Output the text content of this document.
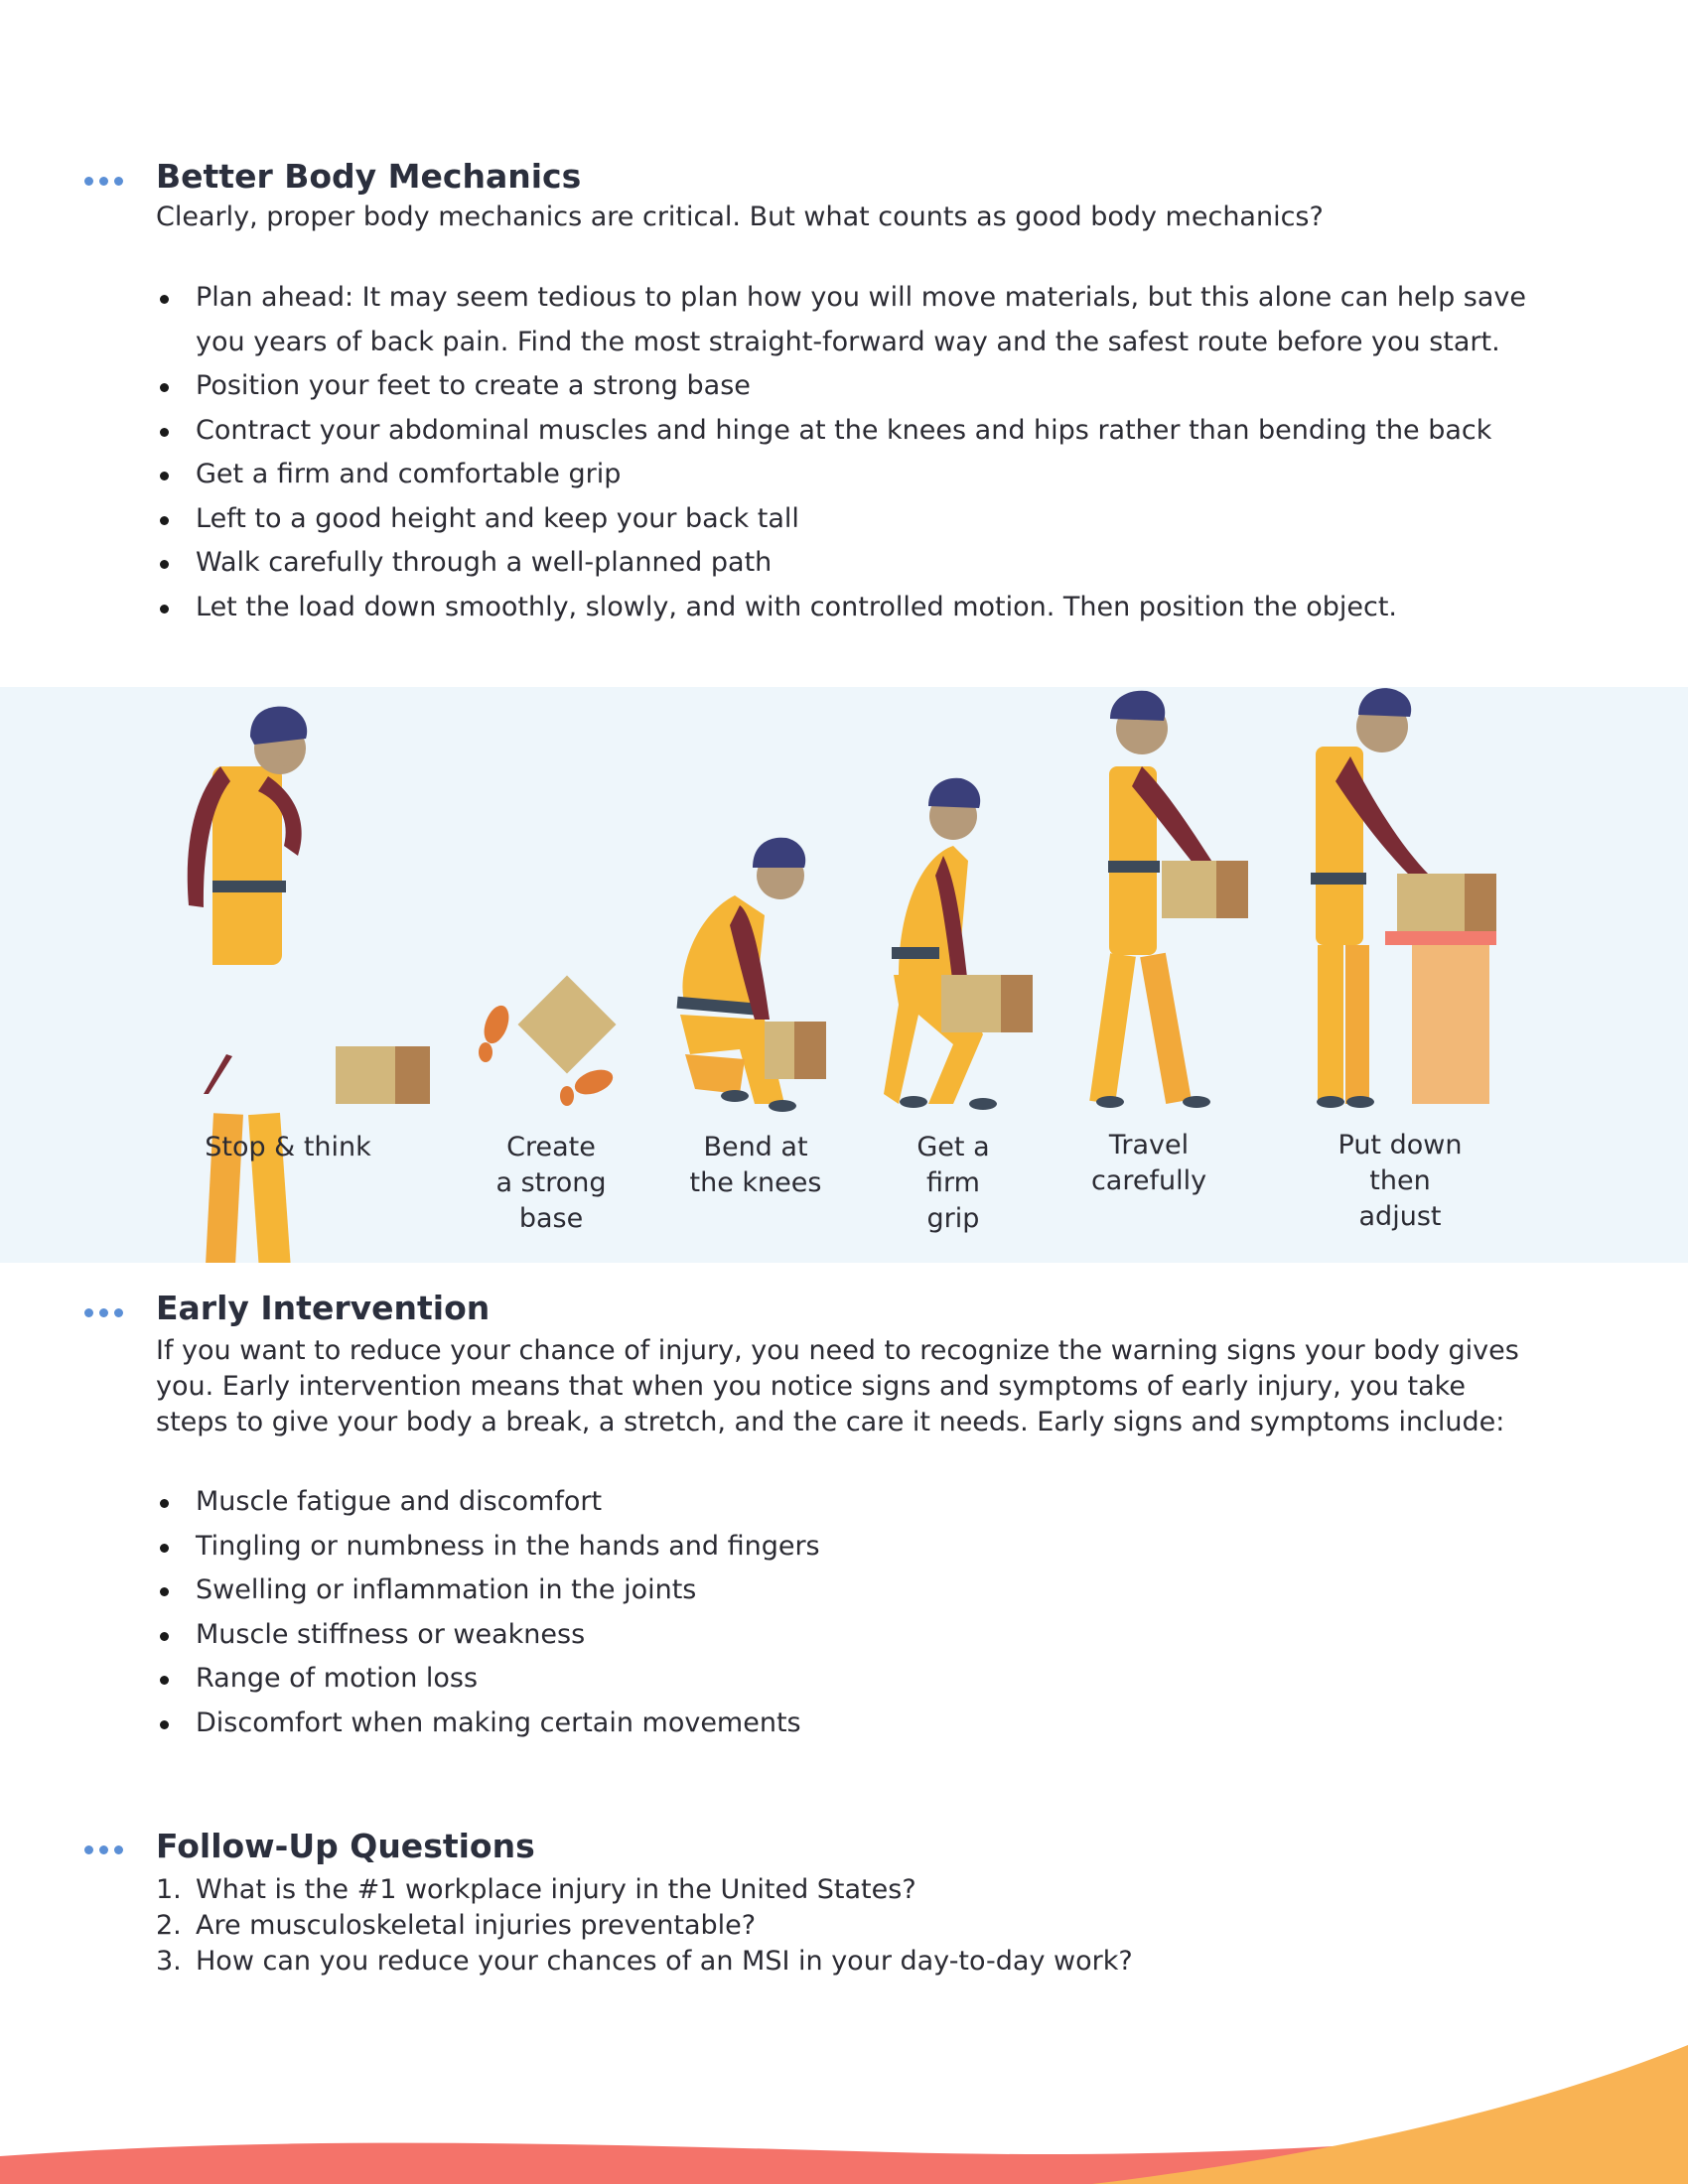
Better Body Mechanics

Clearly, proper body mechanics are critical. But what counts as good body mechanics?

Plan ahead: It may seem tedious to plan how you will move materials, but this alone can help save
you years of back pain. Find the most straight-forward way and the safest route before you start.
Position your feet to create a strong base
Contract your abdominal muscles and hinge at the knees and hips rather than bending the back
Get a firm and comfortable grip
Left to a good height and keep your back tall
Walk carefully through a well-planned path
Let the load down smoothly, slowly, and with controlled motion. Then position the object.
Stop & think	Create
a strong
base
Bend at
the knees
Get a
firm
grip
Travel
carefully
Put down
then
adjust
Early Intervention
If you want to reduce your chance of injury, you need to recognize the warning signs your body gives
you. Early intervention means that when you notice signs and symptoms of early injury, you take
steps to give your body a break, a stretch, and the care it needs. Early signs and symptoms include:
Muscle fatigue and discomfort
Tingling or numbness in the hands and fingers
Swelling or inflammation in the joints
Muscle stiffness or weakness
Range of motion loss
Discomfort when making certain movements
Follow-Up Questions
1. What is the #1 workplace injury in the United States?
2. Are musculoskeletal injuries preventable?
3. How can you reduce your chances of an MSI in your day-to-day work?
